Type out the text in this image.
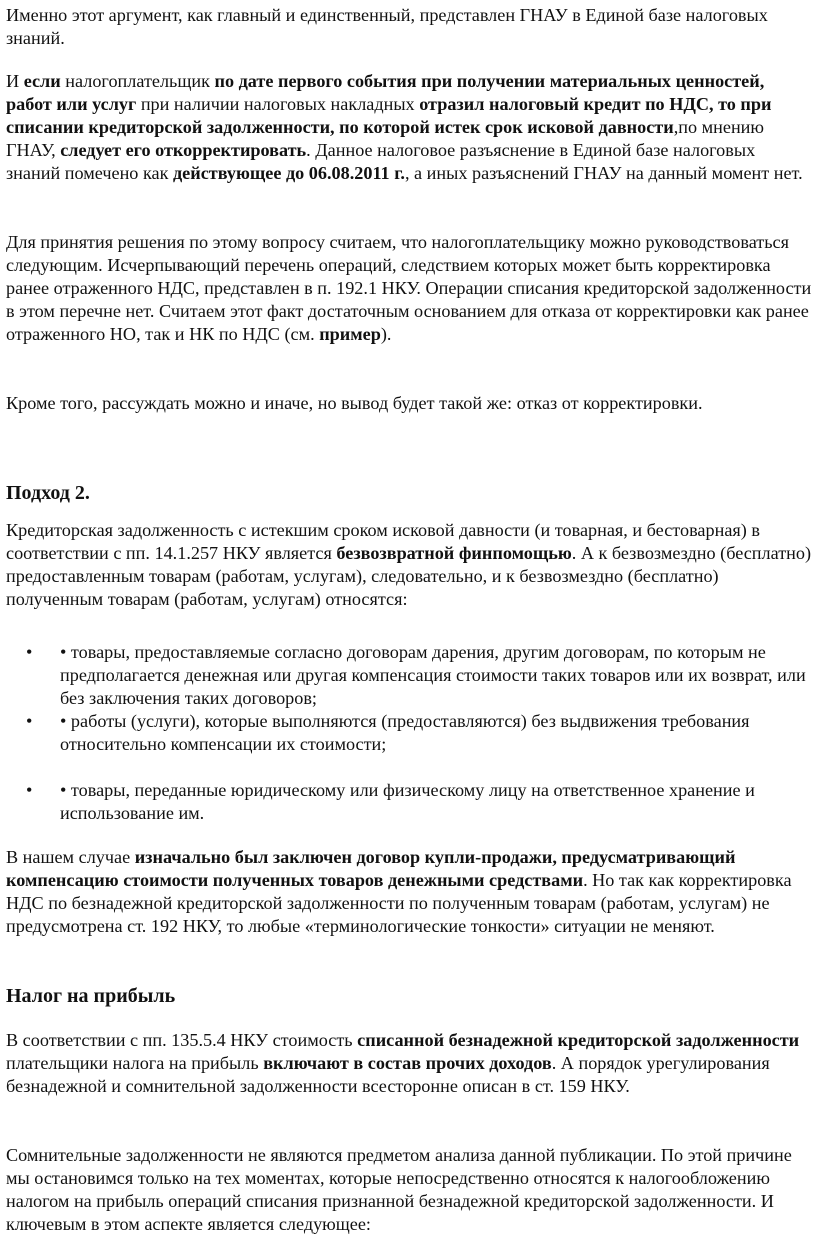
Именно этот аргумент, как главный и единственный, представлен ГНАУ в Единой базе налоговых знаний.

И если налогоплательщик по дате первого события при получении материальных ценностей, работ или услуг при наличии налоговых накладных отразил налоговый кредит по НДС, то при списании кредиторской задолженности, по которой истек срок исковой давности,по мнению ГНАУ, следует его откорректировать. Данное налоговое разъяснение в Единой базе налоговых знаний помечено как действующее до 06.08.2011 г., а иных разъяснений ГНАУ на данный момент нет.

Для принятия решения по этому вопросу считаем, что налогоплательщику можно руководствоваться следующим. Исчерпывающий перечень операций, следствием которых может быть корректировка ранее отраженного НДС, представлен в п. 192.1 НКУ. Операции списания кредиторской задолженности в этом перечне нет. Считаем этот факт достаточным основанием для отказа от корректировки как ранее отраженного НО, так и НК по НДС (см. пример).

Кроме того, рассуждать можно и иначе, но вывод будет такой же: отказ от корректировки.

Подход 2.

Кредиторская задолженность с истекшим сроком исковой давности (и товарная, и бестоварная) в соответствии с пп. 14.1.257 НКУ является безвозвратной финпомощью. А к безвозмездно (бесплатно) предоставленным товарам (работам, услугам), следовательно, и к безвозмездно (бесплатно) полученным товарам (работам, услугам) относятся:

• • товары, предоставляемые согласно договорам дарения, другим договорам, по которым не предполагается денежная или другая компенсация стоимости таких товаров или их возврат, или без заключения таких договоров;
• • работы (услуги), которые выполняются (предоставляются) без выдвижения требования относительно компенсации их стоимости;
• • товары, переданные юридическому или физическому лицу на ответственное хранение и использование им.

В нашем случае изначально был заключен договор купли-продажи, предусматривающий компенсацию стоимости полученных товаров денежными средствами. Но так как корректировка НДС по безнадежной кредиторской задолженности по полученным товарам (работам, услугам) не предусмотрена ст. 192 НКУ, то любые «терминологические тонкости» ситуации не меняют.

Налог на прибыль

В соответствии с пп. 135.5.4 НКУ стоимость списанной безнадежной кредиторской задолженности плательщики налога на прибыль включают в состав прочих доходов. А порядок урегулирования безнадежной и сомнительной задолженности всесторонне описан в ст. 159 НКУ.

Сомнительные задолженности не являются предметом анализа данной публикации. По этой причине мы остановимся только на тех моментах, которые непосредственно относятся к налогообложению налогом на прибыль операций списания признанной безнадежной кредиторской задолженности. И ключевым в этом аспекте является следующее:
